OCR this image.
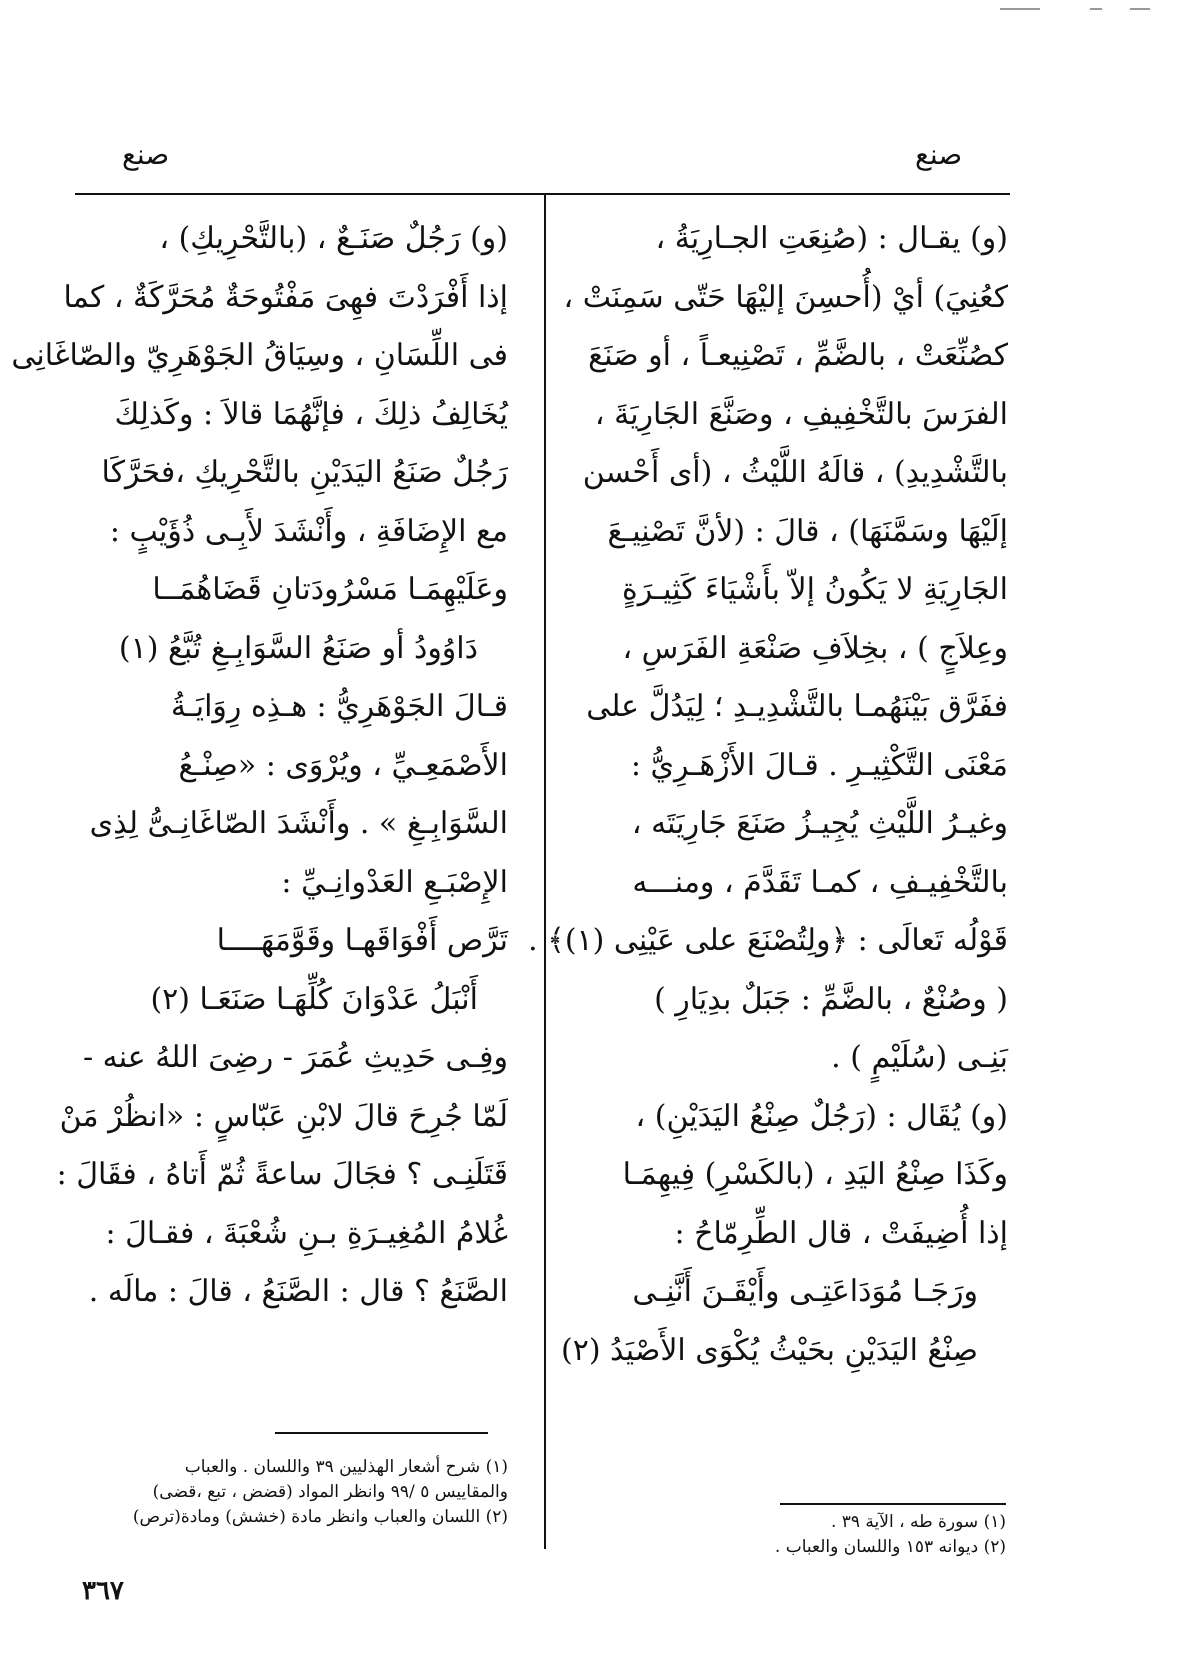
صنع	صنع
(و) يقـال : (صُنِعَتِ الجـارِيَةُ ،
كعُنِيَ) أيْ (أُحسِنَ إليْهَا حَتّى سَمِنَتْ ،
كصُنِّعَتْ ، بالضَّمِّ ، تَصْنِيعـاً ، أو صَنَعَ
الفرَسَ بالتَّخْفِيفِ ، وصَنَّعَ الجَارِيَةَ ،
بالتَّشْدِيدِ) ، قالَهُ اللَّيْثُ ، (أى أَحْسن
إلَيْهَا وسَمَّنَهَا) ، قالَ : (لأنَّ تَصْنِيـعَ
الجَارِيَةِ لا يَكُونُ إلاّ بأَشْيَاءَ كَثِيـرَةٍ
وعِلاَجٍ ) ، بخِلاَفِ صَنْعَةِ الفَرَسِ ،
ففَرَّق بَيْنَهُمـا بالتَّشْدِيـدِ ؛ لِيَدُلَّ على
مَعْنَى التَّكْثِيـرِ . قـالَ الأَزْهَـرِيُّ :
وغيـرُ اللَّيْثِ يُجِيـزُ صَنَعَ جَارِيَتَه ،
بالتَّخْفِيـفِ ، كمـا تَقَدَّمَ ، ومنـــه
قَوْلُه تَعالَى : ﴿ولِتُصْنَعَ على عَيْنِى (١)﴾ .
( وصُنْعٌ ، بالضَّمِّ : جَبَلٌ بدِيَارِ )
بَنِـى (سُلَيْمٍ ) .
(و) يُقَال : (رَجُلٌ صِنْعُ اليَدَيْنِ) ،
وكَذَا صِنْعُ اليَدِ ، (بالكَسْرِ) فِيهِمَـا
إذا أُضِيفَتْ ، قال الطِّرِمّاحُ :
ورَجَـا مُوَدَاعَتِـى وأَيْقَـنَ أَنَّنِـى
صِنْعُ اليَدَيْنِ بحَيْثُ يُكْوَى الأَصْيَدُ (٢)
(و) رَجُلٌ صَنَـعٌ ، (بالتَّحْرِيكِ) ،
إذا أَفْرَدْتَ فهِىَ مَفْتُوحَةٌ مُحَرَّكَةٌ ، كما
فى اللِّسَانِ ، وسِيَاقُ الجَوْهَرِيّ والصّاغَانِى
يُخَالِفُ ذلِكَ ، فإنَّهُمَا قالاَ : وكَذلِكَ
رَجُلٌ صَنَعُ اليَدَيْنِ بالتَّحْرِيكِ ،فحَرَّكَا
مع الإِضَافَةِ ، وأَنْشَدَ لأَبِـى ذُؤَيْبٍ :
وعَلَيْهِمَـا مَسْرُودَتانِ قَضَاهُمَــا
دَاوُودُ أو صَنَعُ السَّوَابِـغِ تُبَّعُ (١)
قـالَ الجَوْهَرِيُّ : هـذِه رِوَايَـةُ
الأَصْمَعِـيِّ ، ويُرْوَى : «صِنْـعُ
السَّوَابِـغِ » . وأَنْشَدَ الصّاغَانِـىُّ لِذِى
الإِصْبَـعِ العَدْوانِـيِّ :
تَرَّص أَفْوَاقَهـا وقَوَّمَهَــــا
أَنْبَلُ عَدْوَانَ كُلِّهَـا صَنَعَـا (٢)
وفِـى حَدِيثِ عُمَرَ - رضِىَ اللهُ عنه -
لَمّا جُرِحَ قالَ لابْنِ عَبّاسٍ : «انظُرْ مَنْ
قَتَلَنِـى ؟ فجَالَ ساعةً ثُمّ أَتاهُ ، فقَالَ :
غُلامُ المُغِيـرَةِ بـنِ شُعْبَةَ ، فقـالَ :
الصَّنَعُ ؟ قال : الصَّنَعُ ، قالَ : مالَه .
(١) شرح أشعار الهذليين ٣٩ واللسان . والعباب
والمقاييس ٥ /٩٩ وانظر المواد (قضض ، تبع ،قضى)
(٢) اللسان والعباب وانظر مادة (خشش) ومادة(ترص)	(١) سورة طه ، الآية ٣٩ .
(٢) ديوانه ١٥٣ واللسان والعباب .
٣٦٧
